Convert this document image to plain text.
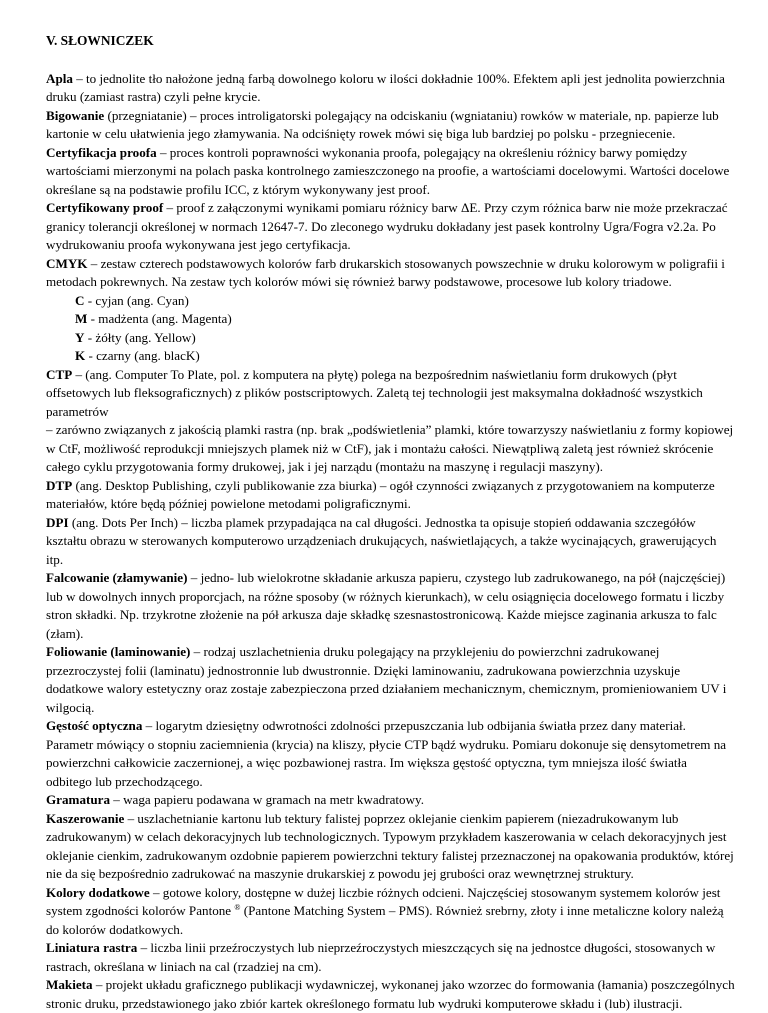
V. SŁOWNICZEK

Apla – to jednolite tło nałożone jedną farbą dowolnego koloru w ilości dokładnie 100%. Efektem apli jest jednolita powierzchnia druku (zamiast rastra) czyli pełne krycie.

Bigowanie (przegniatanie) – proces introligatorski polegający na odciskaniu (wgniataniu) rowków w materiale, np. papierze lub kartonie w celu ułatwienia jego złamywania. Na odciśnięty rowek mówi się biga lub bardziej po polsku - przegniecenie.

Certyfikacja proofa – proces kontroli poprawności wykonania proofa, polegający na określeniu różnicy barwy pomiędzy wartościami mierzonymi na polach paska kontrolnego zamieszczonego na proofie, a wartościami docelowymi. Wartości docelowe określane są na podstawie profilu ICC, z którym wykonywany jest proof.

Certyfikowany proof – proof z załączonymi wynikami pomiaru różnicy barw ΔE. Przy czym różnica barw nie może przekraczać granicy tolerancji określonej w normach 12647-7. Do zleconego wydruku dokładany jest pasek kontrolny Ugra/Fogra v2.2a. Po wydrukowaniu proofa wykonywana jest jego certyfikacja.

CMYK – zestaw czterech podstawowych kolorów farb drukarskich stosowanych powszechnie w druku kolorowym w poligrafii i metodach pokrewnych. Na zestaw tych kolorów mówi się również barwy podstawowe, procesowe lub kolory triadowe.

C - cyjan (ang. Cyan)

M - madżenta (ang. Magenta)

Y - żółty (ang. Yellow)

K - czarny (ang. blacK)

CTP – (ang. Computer To Plate, pol. z komputera na płytę) polega na bezpośrednim naświetlaniu form drukowych (płyt offsetowych lub fleksograficznych) z plików postscriptowych. Zaletą tej technologii jest maksymalna dokładność wszystkich parametrów

– zarówno związanych z jakością plamki rastra (np. brak „podświetlenia” plamki, które towarzyszy naświetlaniu z formy kopiowej

w CtF, możliwość reprodukcji mniejszych plamek niż w CtF), jak i montażu całości. Niewątpliwą zaletą jest również skrócenie całego cyklu przygotowania formy drukowej, jak i jej narządu (montażu na maszynę i regulacji maszyny).

DTP (ang. Desktop Publishing, czyli publikowanie zza biurka) – ogół czynności związanych z przygotowaniem na komputerze materiałów, które będą później powielone metodami poligraficznymi.

DPI (ang. Dots Per Inch) – liczba plamek przypadająca na cal długości. Jednostka ta opisuje stopień oddawania szczegółów kształtu obrazu w sterowanych komputerowo urządzeniach drukujących, naświetlających, a także wycinających, grawerujących itp.

Falcowanie (złamywanie) – jedno- lub wielokrotne składanie arkusza papieru, czystego lub zadrukowanego, na pół (najczęściej) lub w dowolnych innych proporcjach, na różne sposoby (w różnych kierunkach), w celu osiągnięcia docelowego formatu i liczby stron składki. Np. trzykrotne złożenie na pół arkusza daje składkę szesnastostronicową. Każde miejsce zaginania arkusza to falc (złam).

Foliowanie (laminowanie) – rodzaj uszlachetnienia druku polegający na przyklejeniu do powierzchni zadrukowanej przezroczystej folii (laminatu) jednostronnie lub dwustronnie. Dzięki laminowaniu, zadrukowana powierzchnia uzyskuje dodatkowe walory estetyczny oraz zostaje zabezpieczona przed działaniem mechanicznym, chemicznym, promieniowaniem UV i wilgocią.

Gęstość optyczna – logarytm dziesiętny odwrotności zdolności przepuszczania lub odbijania światła przez dany materiał. Parametr mówiący o stopniu zaciemnienia (krycia) na kliszy, płycie CTP bądź wydruku. Pomiaru dokonuje się densytometrem na powierzchni całkowicie zaczernionej, a więc pozbawionej rastra. Im większa gęstość optyczna, tym mniejsza ilość światła odbitego lub przechodzącego.

Gramatura – waga papieru podawana w gramach na metr kwadratowy.

Kaszerowanie – uszlachetnianie kartonu lub tektury falistej poprzez oklejanie cienkim papierem (niezadrukowanym lub zadrukowanym) w celach dekoracyjnych lub technologicznych. Typowym przykładem kaszerowania w celach dekoracyjnych jest oklejanie cienkim, zadrukowanym ozdobnie papierem powierzchni tektury falistej przeznaczonej na opakowania produktów, której nie da się bezpośrednio zadrukować na maszynie drukarskiej z powodu jej grubości oraz wewnętrznej struktury.

Kolory dodatkowe – gotowe kolory, dostępne w dużej liczbie różnych odcieni. Najczęściej stosowanym systemem kolorów jest system zgodności kolorów Pantone ® (Pantone Matching System – PMS). Również srebrny, złoty i inne metaliczne kolory należą do kolorów dodatkowych.

Liniatura rastra – liczba linii przeźroczystych lub nieprzeźroczystych mieszczących się na jednostce długości, stosowanych w rastrach, określana w liniach na cal (rzadziej na cm).

Makieta – projekt układu graficznego publikacji wydawniczej, wykonanej jako wzorzec do formowania (łamania) poszczególnych stronic druku, przedstawionego jako zbiór kartek określonego formatu lub wydruki komputerowe składu i (lub) ilustracji.
